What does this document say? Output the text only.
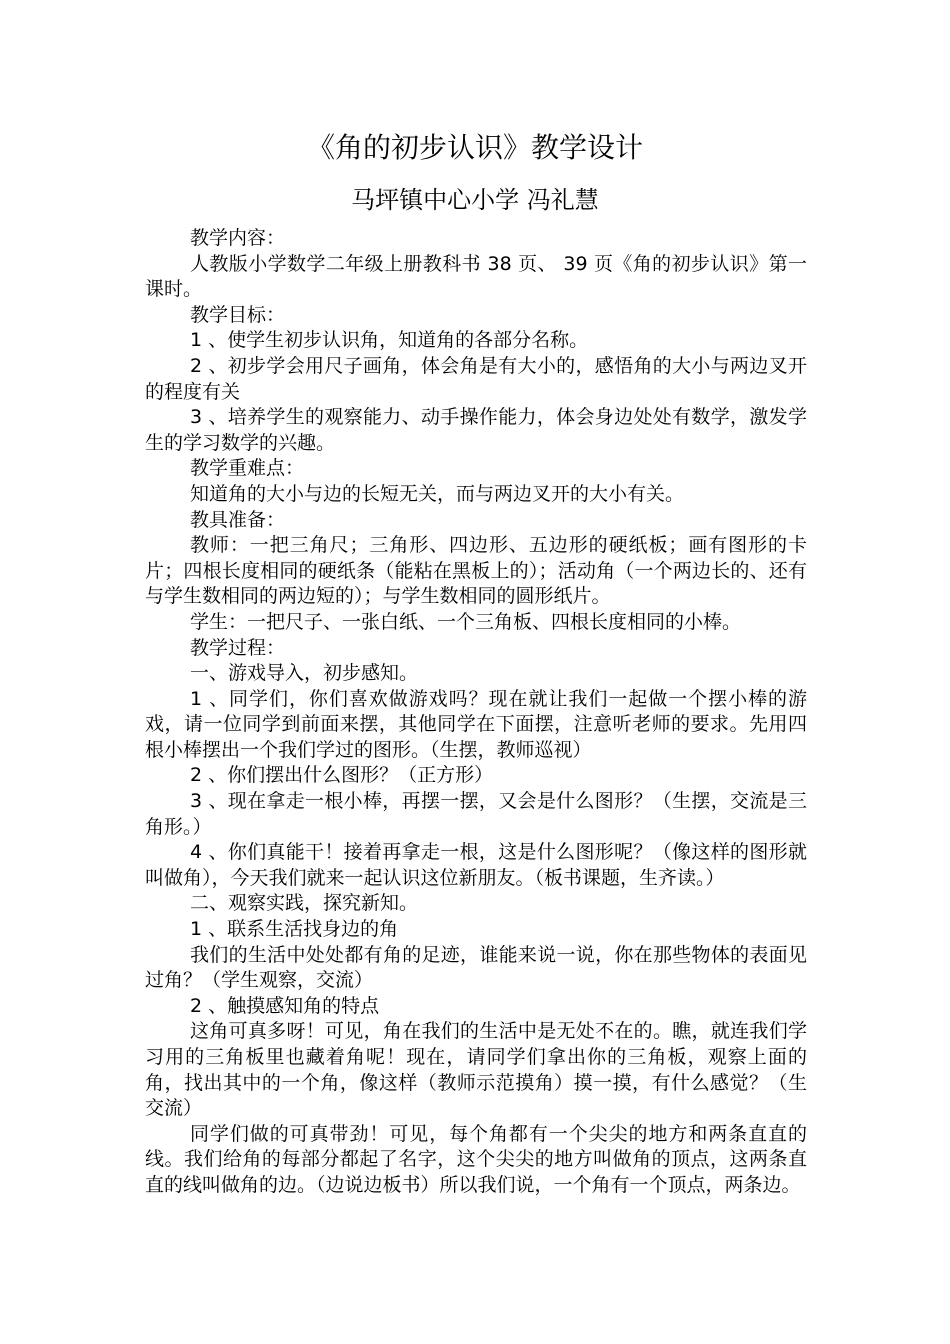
《角的初步认识》教学设计
马坪镇中心小学 冯礼慧

教学内容：

人教版小学数学二年级上册教科书 38 页、 39 页《角的初步认识》第一课时。

教学目标：

1 、使学生初步认识角，知道角的各部分名称。

2 、初步学会用尺子画角，体会角是有大小的，感悟角的大小与两边叉开的程度有关

3 、培养学生的观察能力、动手操作能力，体会身边处处有数学，激发学生的学习数学的兴趣。

教学重难点：

知道角的大小与边的长短无关，而与两边叉开的大小有关。

教具准备：

教师：一把三角尺；三角形、四边形、五边形的硬纸板；画有图形的卡片；四根长度相同的硬纸条（能粘在黑板上的）；活动角（一个两边长的、还有与学生数相同的两边短的）；与学生数相同的圆形纸片。

学生：一把尺子、一张白纸、一个三角板、四根长度相同的小棒。

教学过程：

一、游戏导入，初步感知。

1 、同学们，你们喜欢做游戏吗？现在就让我们一起做一个摆小棒的游戏，请一位同学到前面来摆，其他同学在下面摆，注意听老师的要求。先用四根小棒摆出一个我们学过的图形。（生摆，教师巡视）

2 、你们摆出什么图形？（正方形）

3 、现在拿走一根小棒，再摆一摆，又会是什么图形？（生摆，交流是三角形。）

4 、你们真能干！接着再拿走一根，这是什么图形呢？（像这样的图形就叫做角），今天我们就来一起认识这位新朋友。（板书课题，生齐读。）

二、观察实践，探究新知。

1 、联系生活找身边的角

我们的生活中处处都有角的足迹，谁能来说一说，你在那些物体的表面见过角？（学生观察，交流）

2 、触摸感知角的特点

这角可真多呀！可见，角在我们的生活中是无处不在的。瞧，就连我们学习用的三角板里也藏着角呢！现在，请同学们拿出你的三角板，观察上面的角，找出其中的一个角，像这样（教师示范摸角）摸一摸，有什么感觉？（生交流）

同学们做的可真带劲！可见，每个角都有一个尖尖的地方和两条直直的线。我们给角的每部分都起了名字，这个尖尖的地方叫做角的顶点，这两条直直的线叫做角的边。（边说边板书）所以我们说，一个角有一个顶点，两条边。
